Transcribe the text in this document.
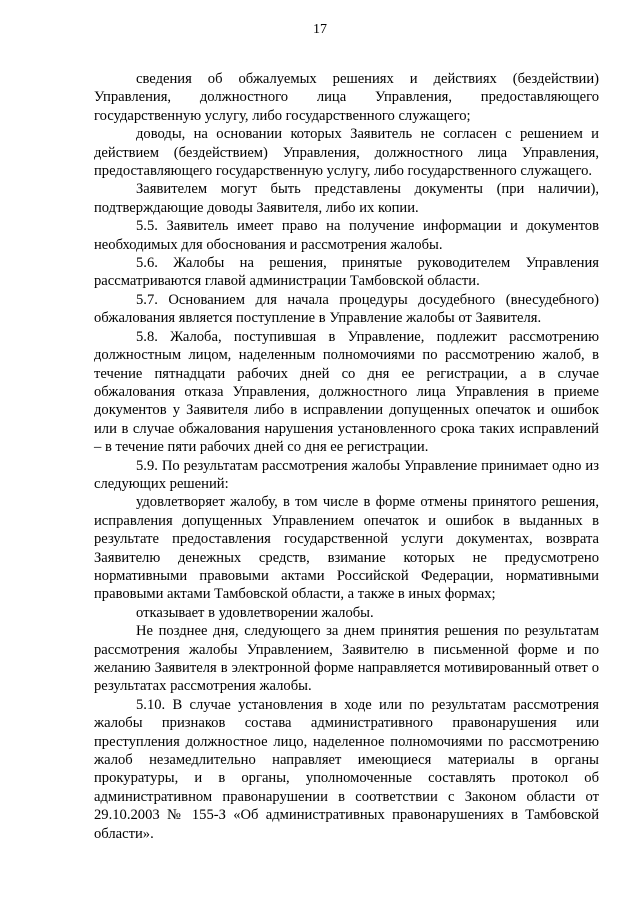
17

сведения об обжалуемых решениях и действиях (бездействии) Управления, должностного лица Управления, предоставляющего государственную услугу, либо государственного служащего;

доводы, на основании которых Заявитель не согласен с решением и действием (бездействием) Управления, должностного лица Управления, предоставляющего государственную услугу, либо государственного служащего.

Заявителем могут быть представлены документы (при наличии), подтверждающие доводы Заявителя, либо их копии.

5.5. Заявитель имеет право на получение информации и документов необходимых для обоснования и рассмотрения жалобы.

5.6. Жалобы на решения, принятые руководителем Управления рассматриваются главой администрации Тамбовской области.

5.7. Основанием для начала процедуры досудебного (внесудебного) обжалования является поступление в Управление жалобы от Заявителя.

5.8. Жалоба, поступившая в Управление, подлежит рассмотрению должностным лицом, наделенным полномочиями по рассмотрению жалоб, в течение пятнадцати рабочих дней со дня ее регистрации, а в случае обжалования отказа Управления, должностного лица Управления в приеме документов у Заявителя либо в исправлении допущенных опечаток и ошибок или в случае обжалования нарушения установленного срока таких исправлений – в течение пяти рабочих дней со дня ее регистрации.

5.9. По результатам рассмотрения жалобы Управление принимает одно из следующих решений:

удовлетворяет жалобу, в том числе в форме отмены принятого решения, исправления допущенных Управлением опечаток и ошибок в выданных в результате предоставления государственной услуги документах, возврата Заявителю денежных средств, взимание которых не предусмотрено нормативными правовыми актами Российской Федерации, нормативными правовыми актами Тамбовской области, а также в иных формах;

отказывает в удовлетворении жалобы.

Не позднее дня, следующего за днем принятия решения по результатам рассмотрения жалобы Управлением, Заявителю в письменной форме и по желанию Заявителя в электронной форме направляется мотивированный ответ о результатах рассмотрения жалобы.

5.10. В случае установления в ходе или по результатам рассмотрения жалобы признаков состава административного правонарушения или преступления должностное лицо, наделенное полномочиями по рассмотрению жалоб незамедлительно направляет имеющиеся материалы в органы прокуратуры, и в органы, уполномоченные составлять протокол об административном правонарушении в соответствии с Законом области от 29.10.2003 № 155-З «Об административных правонарушениях в Тамбовской области».
